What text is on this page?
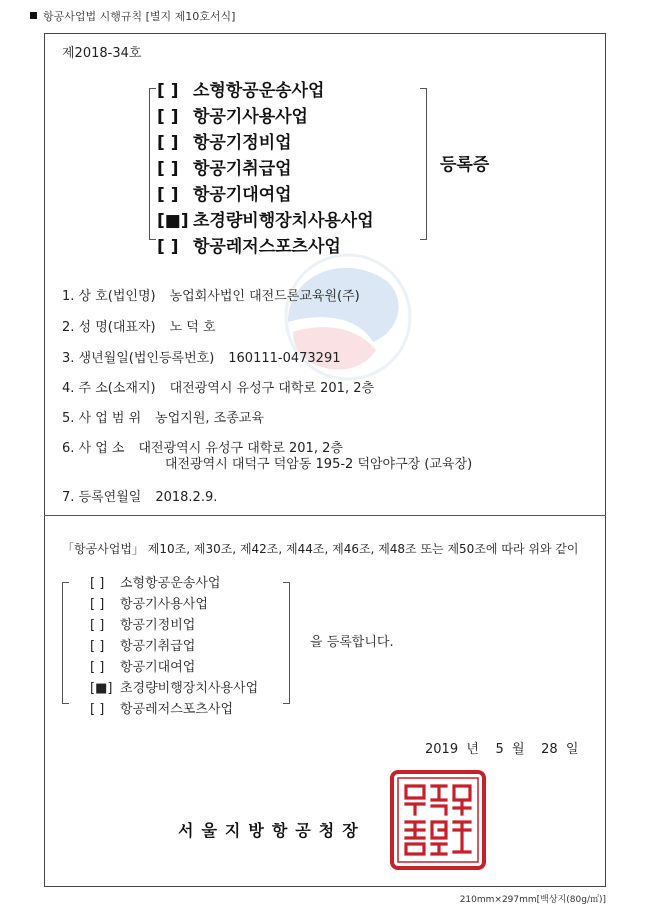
항공사업법 시행규칙 [별지 제10호서식]
제2018-34호
[ ] 소형항공운송사업
[ ] 항공기사용사업
[ ] 항공기정비업
[ ] 항공기취급업
[ ] 항공기대여업
[■] 초경량비행장치사용사업
[ ] 항공레저스포츠사업
등록증
1. 상 호(법인명) 농업회사법인 대전드론교육원(주)
2. 성 명(대표자) 노 덕 호
3. 생년월일(법인등록번호) 160111-0473291
4. 주 소(소재지) 대전광역시 유성구 대학로 201, 2층
5. 사 업 범 위 농업지원, 조종교육
6. 사 업 소 대전광역시 유성구 대학로 201, 2층
대전광역시 대덕구 덕암동 195-2 덕암야구장 (교육장)
7. 등록연월일 2018.2.9.
「항공사업법」 제10조, 제30조, 제42조, 제44조, 제46조, 제48조 또는 제50조에 따라 위와 같이
[ ] 소형항공운송사업
[ ] 항공기사용사업
[ ] 항공기정비업
[ ] 항공기취급업
[ ] 항공기대여업
[■] 초경량비행장치사용사업
[ ] 항공레저스포츠사업
을 등록합니다.
2019 년 5 월 28 일
서울지방항공청장
210mm×297mm[백상지(80g/㎡)]
